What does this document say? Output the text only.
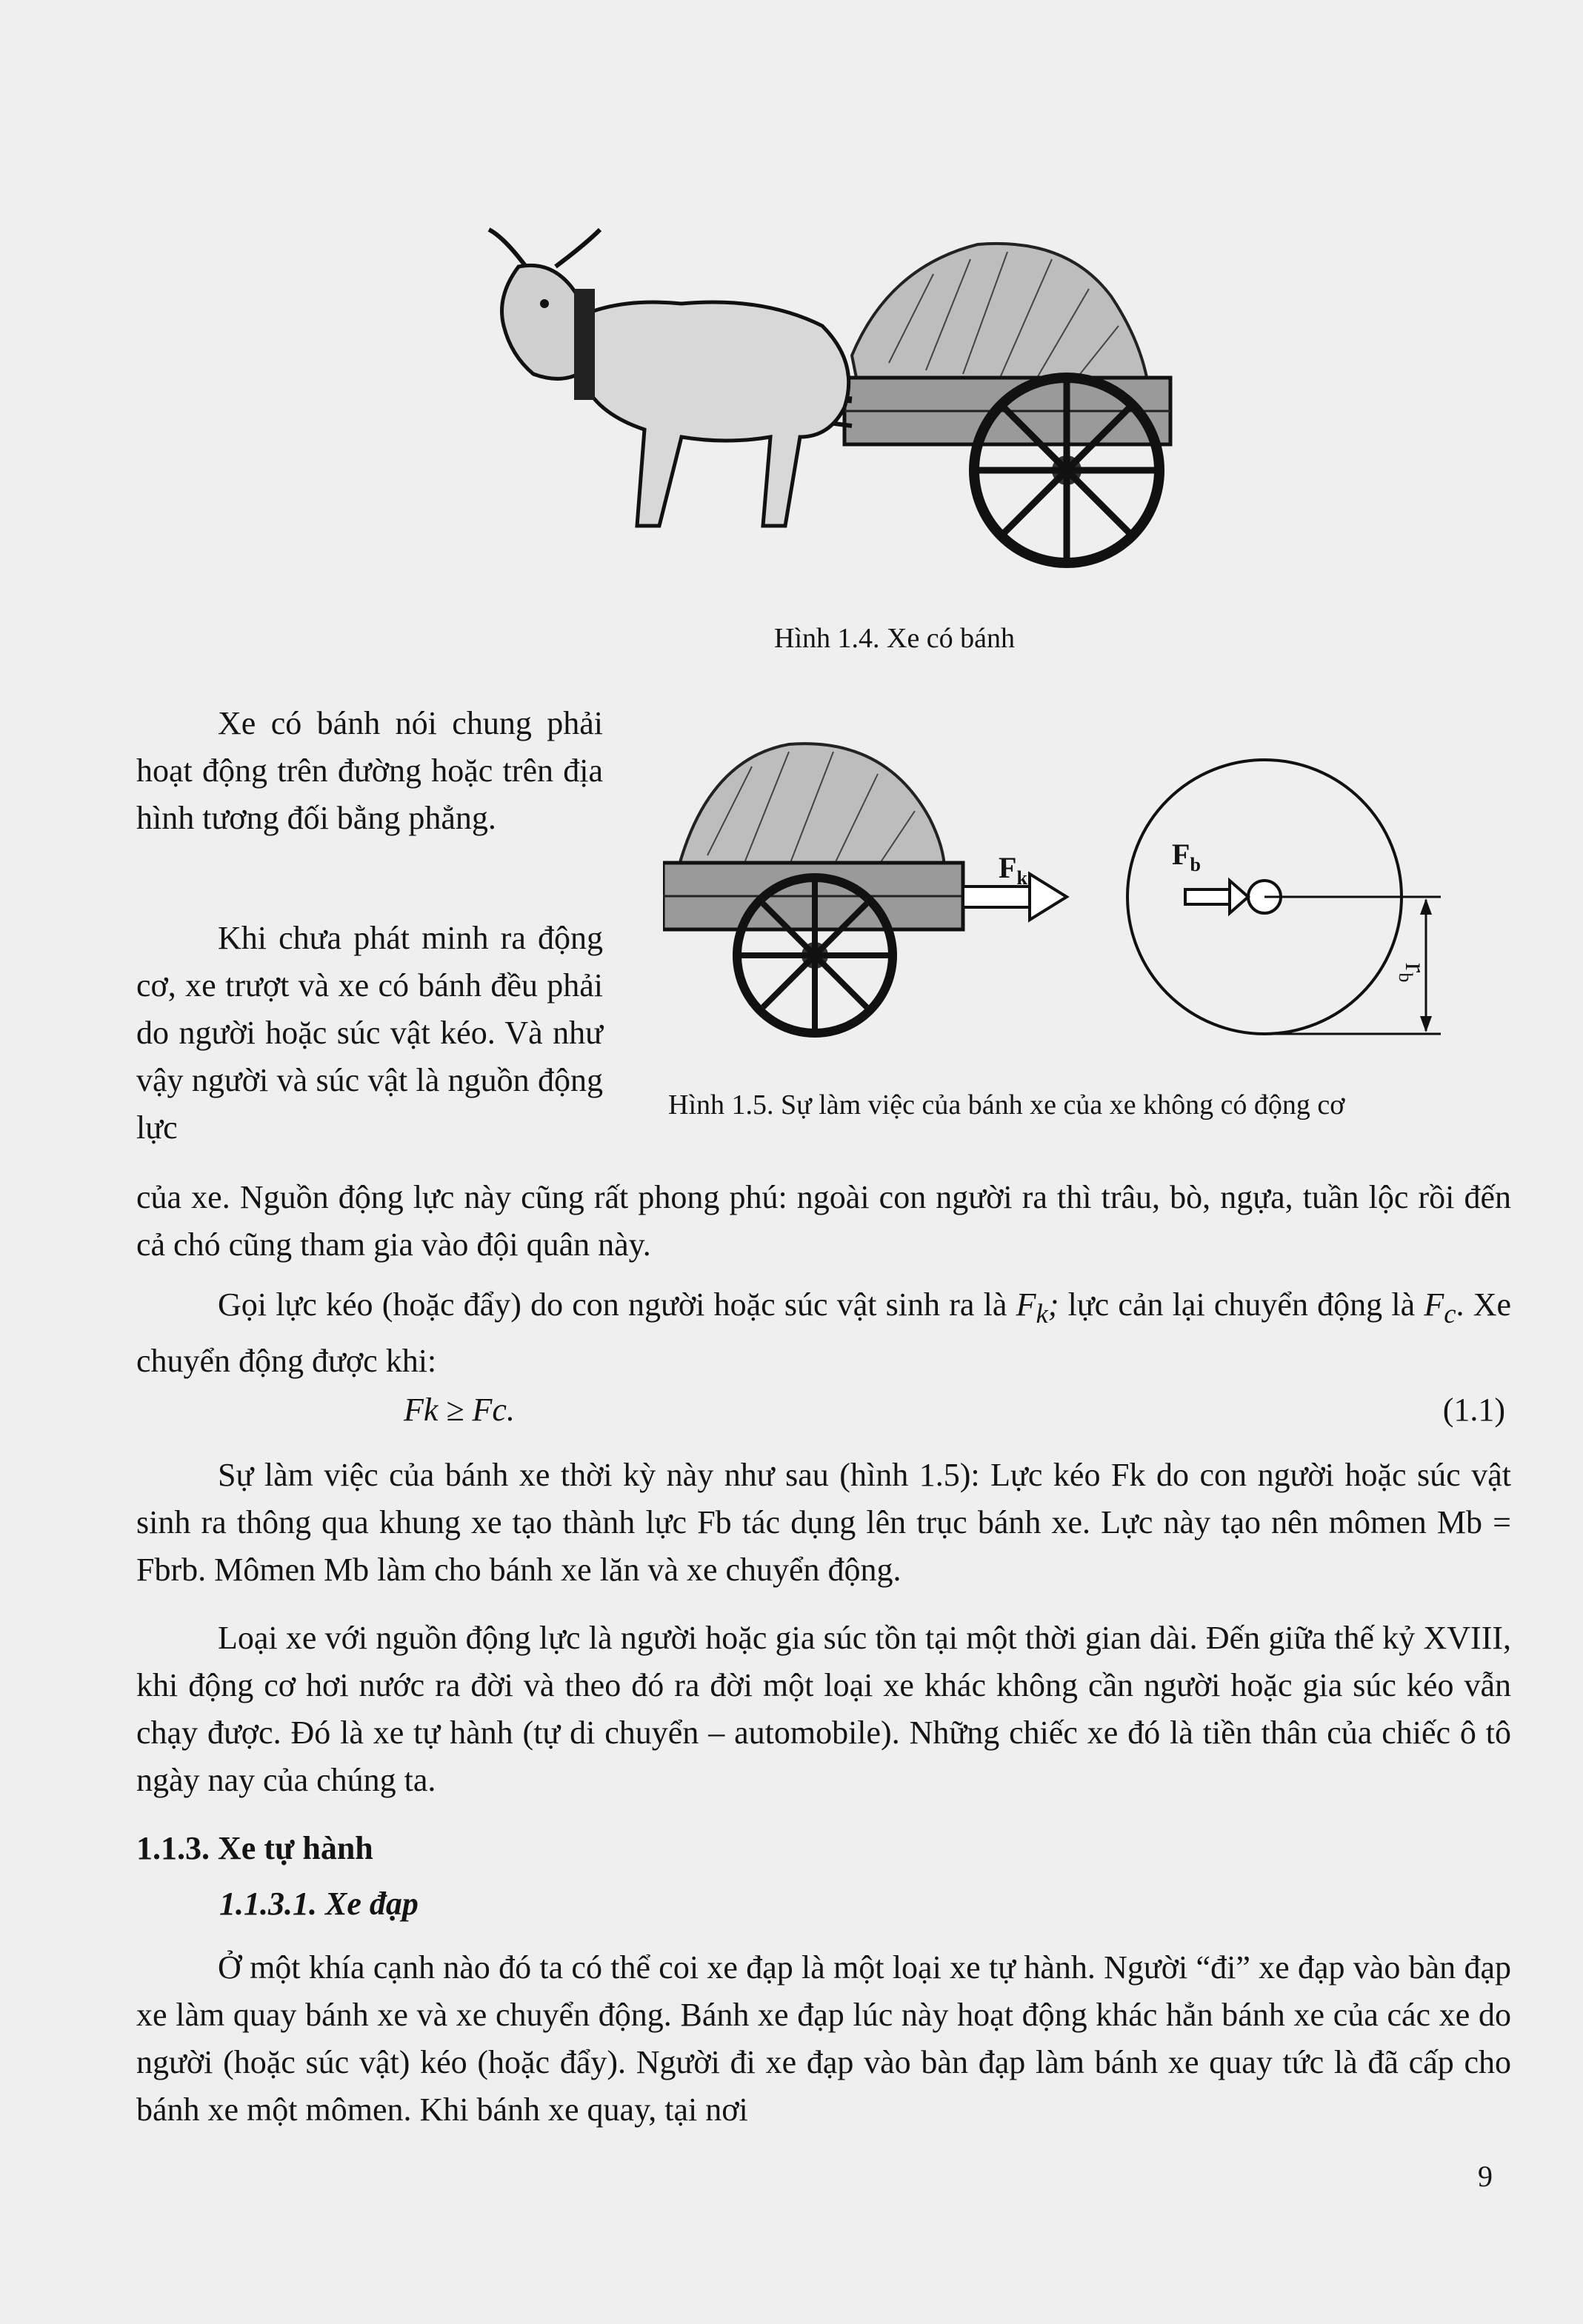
Hình 1.4. Xe có bánh
$F_k$
$F_b$
$r_b$
Hình 1.5. Sự làm việc của bánh xe của xe không có động cơ

Xe có bánh nói chung phải hoạt động trên đường hoặc trên địa hình tương đối bằng phẳng.

Khi chưa phát minh ra động cơ, xe trượt và xe có bánh đều phải do người hoặc súc vật kéo. Và như vậy người và súc vật là nguồn động lực

của xe. Nguồn động lực này cũng rất phong phú: ngoài con người ra thì trâu, bò, ngựa, tuần lộc rồi đến cả chó cũng tham gia vào đội quân này.

Gọi lực kéo (hoặc đẩy) do con người hoặc súc vật sinh ra là $F_k$; lực cản lại chuyển động là $F_c$. Xe chuyển động được khi:

Fk ≥ Fc.	(1.1)

Sự làm việc của bánh xe thời kỳ này như sau (hình 1.5): Lực kéo Fk do con người hoặc súc vật sinh ra thông qua khung xe tạo thành lực Fb tác dụng lên trục bánh xe. Lực này tạo nên mômen Mb = Fbrb. Mômen Mb làm cho bánh xe lăn và xe chuyển động.

Loại xe với nguồn động lực là người hoặc gia súc tồn tại một thời gian dài. Đến giữa thế kỷ XVIII, khi động cơ hơi nước ra đời và theo đó ra đời một loại xe khác không cần người hoặc gia súc kéo vẫn chạy được. Đó là xe tự hành (tự di chuyển – automobile). Những chiếc xe đó là tiền thân của chiếc ô tô ngày nay của chúng ta.

1.1.3. Xe tự hành
1.1.3.1. Xe đạp

Ở một khía cạnh nào đó ta có thể coi xe đạp là một loại xe tự hành. Người “đi” xe đạp vào bàn đạp xe làm quay bánh xe và xe chuyển động. Bánh xe đạp lúc này hoạt động khác hẳn bánh xe của các xe do người (hoặc súc vật) kéo (hoặc đẩy). Người đi xe đạp vào bàn đạp làm bánh xe quay tức là đã cấp cho bánh xe một mômen. Khi bánh xe quay, tại nơi

9
